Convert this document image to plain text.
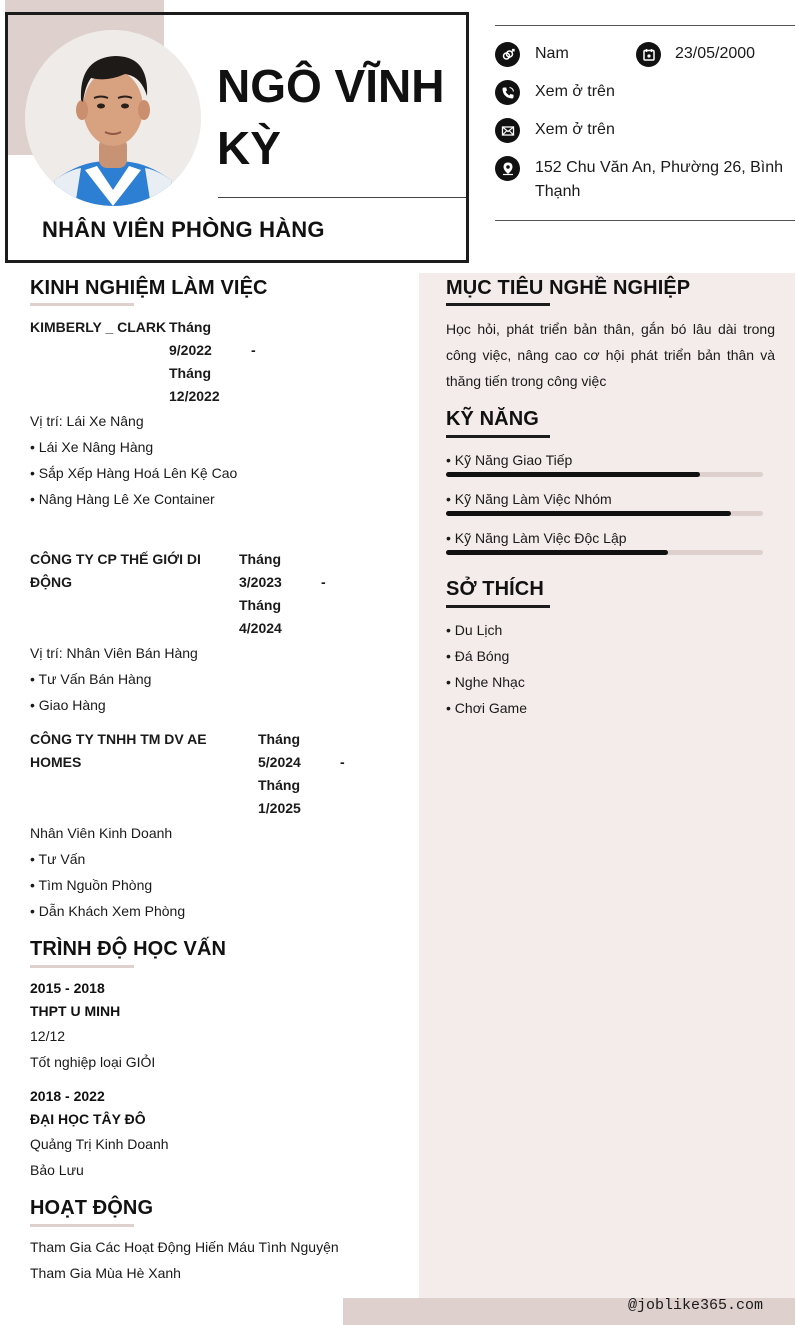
NGÔ VĨNH KỲ
NHÂN VIÊN PHÒNG HÀNG
Nam	23/05/2000
Xem ở trên
Xem ở trên
152 Chu Văn An, Phường 26, Bình Thạnh
KINH NGHIỆM LÀM VIỆC
KIMBERLY _ CLARK Tháng
9/2022
Tháng
12/2022
-
Vị trí: Lái Xe Nâng
• Lái Xe Nâng Hàng
• Sắp Xếp Hàng Hoá Lên Kệ Cao
• Nâng Hàng Lê Xe Container
CÔNG TY CP THẾ GIỚI DI ĐỘNG
Tháng
3/2023
Tháng
4/2024
-
Vị trí: Nhân Viên Bán Hàng
• Tư Vấn Bán Hàng
• Giao Hàng
CÔNG TY TNHH TM DV AE HOMES
Tháng
5/2024
Tháng
1/2025
-
Nhân Viên Kinh Doanh
• Tư Vấn
• Tìm Nguồn Phòng
• Dẫn Khách Xem Phòng
TRÌNH ĐỘ HỌC VẤN
2015 - 2018
THPT U MINH
12/12
Tốt nghiệp loại GIỎI
2018 - 2022
ĐẠI HỌC TÂY ĐÔ
Quảng Trị Kinh Doanh
Bảo Lưu
HOẠT ĐỘNG
Tham Gia Các Hoạt Động Hiến Máu Tình Nguyện
Tham Gia Mùa Hè Xanh
MỤC TIÊU NGHỀ NGHIỆP
Học hỏi, phát triển bản thân, gắn bó lâu dài trong công việc, nâng cao cơ hội phát triển bản thân và thăng tiến trong công việc
KỸ NĂNG
• Kỹ Năng Giao Tiếp
• Kỹ Năng Làm Việc Nhóm
• Kỹ Năng Làm Việc Độc Lập
SỞ THÍCH
• Du Lịch
• Đá Bóng
• Nghe Nhạc
• Chơi Game
@joblike365.com
